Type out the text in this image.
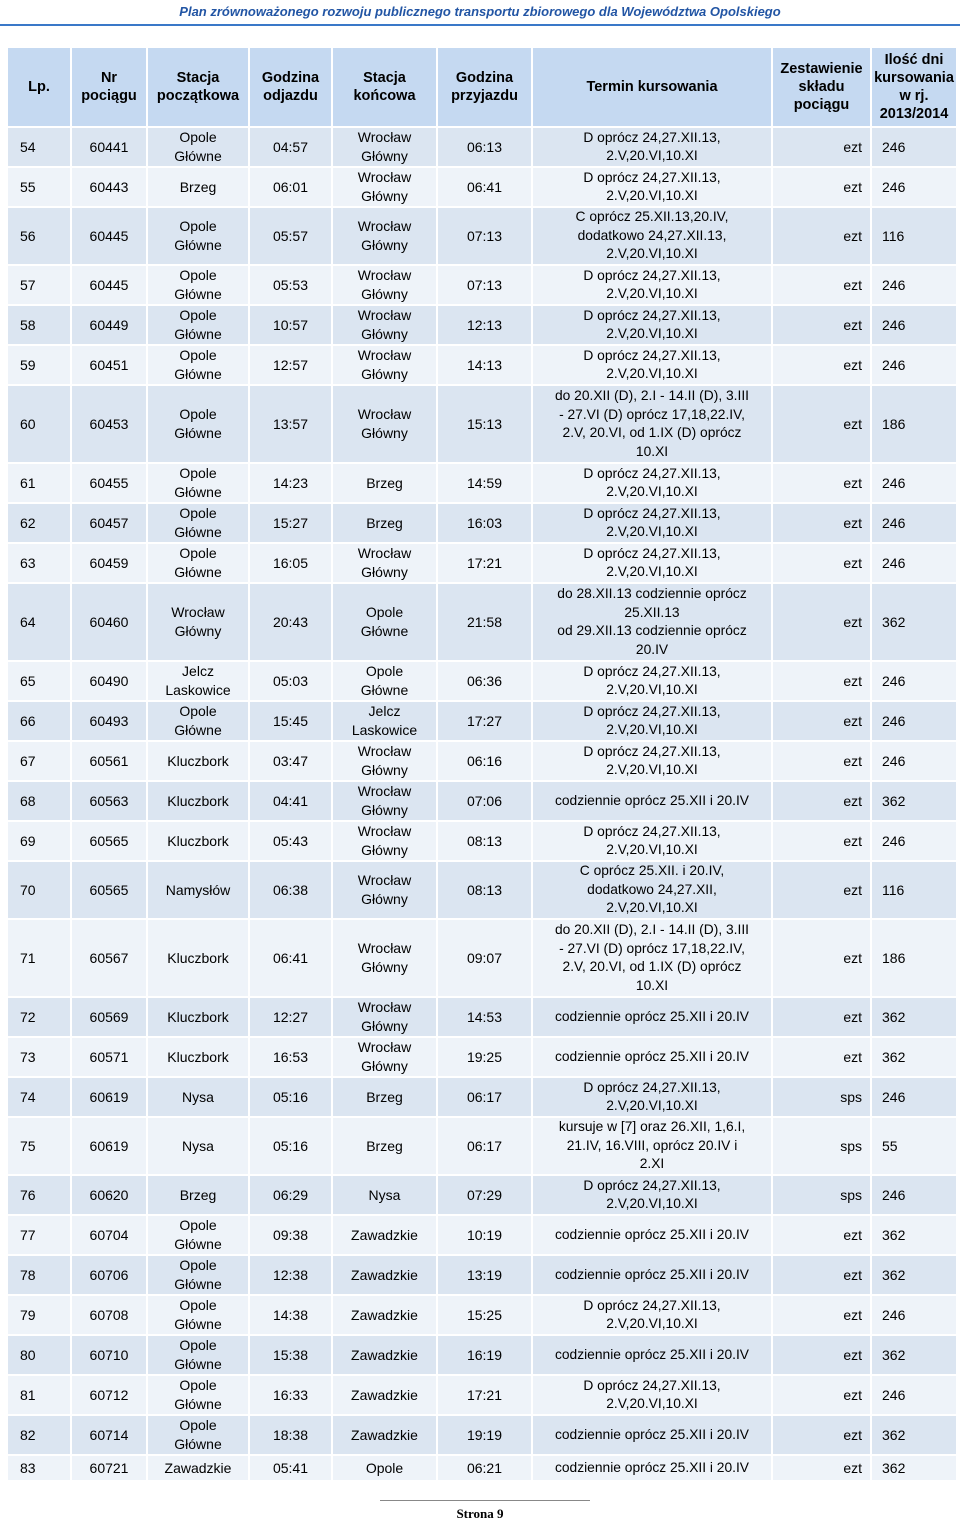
Plan zrównoważonego rozwoju publicznego transportu zbiorowego dla Województwa Opolskiego
Lp.	Nr
pociągu	Stacja
początkowa	Godzina
odjazdu	Stacja
końcowa	Godzina
przyjazdu	Termin kursowania	Zestawienie
składu
pociągu	Ilość dni
kursowania
w rj.
2013/2014
54	60441	Opole
Główne	04:57	Wrocław
Główny	06:13	D oprócz 24,27.XII.13,
2.V,20.VI,10.XI	ezt	246
55	60443	Brzeg	06:01	Wrocław
Główny	06:41	D oprócz 24,27.XII.13,
2.V,20.VI,10.XI	ezt	246
56	60445	Opole
Główne	05:57	Wrocław
Główny	07:13	C oprócz 25.XII.13,20.IV,
dodatkowo 24,27.XII.13,
2.V,20.VI,10.XI	ezt	116
57	60445	Opole
Główne	05:53	Wrocław
Główny	07:13	D oprócz 24,27.XII.13,
2.V,20.VI,10.XI	ezt	246
58	60449	Opole
Główne	10:57	Wrocław
Główny	12:13	D oprócz 24,27.XII.13,
2.V,20.VI,10.XI	ezt	246
59	60451	Opole
Główne	12:57	Wrocław
Główny	14:13	D oprócz 24,27.XII.13,
2.V,20.VI,10.XI	ezt	246
60	60453	Opole
Główne	13:57	Wrocław
Główny	15:13	do 20.XII (D), 2.I - 14.II (D), 3.III
- 27.VI (D) oprócz 17,18,22.IV,
2.V, 20.VI, od 1.IX (D) oprócz
10.XI	ezt	186
61	60455	Opole
Główne	14:23	Brzeg	14:59	D oprócz 24,27.XII.13,
2.V,20.VI,10.XI	ezt	246
62	60457	Opole
Główne	15:27	Brzeg	16:03	D oprócz 24,27.XII.13,
2.V,20.VI,10.XI	ezt	246
63	60459	Opole
Główne	16:05	Wrocław
Główny	17:21	D oprócz 24,27.XII.13,
2.V,20.VI,10.XI	ezt	246
64	60460	Wrocław
Główny	20:43	Opole
Główne	21:58	do 28.XII.13 codziennie oprócz
25.XII.13
od 29.XII.13 codziennie oprócz
20.IV	ezt	362
65	60490	Jelcz
Laskowice	05:03	Opole
Główne	06:36	D oprócz 24,27.XII.13,
2.V,20.VI,10.XI	ezt	246
66	60493	Opole
Główne	15:45	Jelcz
Laskowice	17:27	D oprócz 24,27.XII.13,
2.V,20.VI,10.XI	ezt	246
67	60561	Kluczbork	03:47	Wrocław
Główny	06:16	D oprócz 24,27.XII.13,
2.V,20.VI,10.XI	ezt	246
68	60563	Kluczbork	04:41	Wrocław
Główny	07:06	codziennie oprócz 25.XII i 20.IV	ezt	362
69	60565	Kluczbork	05:43	Wrocław
Główny	08:13	D oprócz 24,27.XII.13,
2.V,20.VI,10.XI	ezt	246
70	60565	Namysłów	06:38	Wrocław
Główny	08:13	C oprócz 25.XII. i 20.IV,
dodatkowo 24,27.XII,
2.V,20.VI,10.XI	ezt	116
71	60567	Kluczbork	06:41	Wrocław
Główny	09:07	do 20.XII (D), 2.I - 14.II (D), 3.III
- 27.VI (D) oprócz 17,18,22.IV,
2.V, 20.VI, od 1.IX (D) oprócz
10.XI	ezt	186
72	60569	Kluczbork	12:27	Wrocław
Główny	14:53	codziennie oprócz 25.XII i 20.IV	ezt	362
73	60571	Kluczbork	16:53	Wrocław
Główny	19:25	codziennie oprócz 25.XII i 20.IV	ezt	362
74	60619	Nysa	05:16	Brzeg	06:17	D oprócz 24,27.XII.13,
2.V,20.VI,10.XI	sps	246
75	60619	Nysa	05:16	Brzeg	06:17	kursuje w [7] oraz 26.XII, 1,6.I,
21.IV, 16.VIII, oprócz 20.IV i
2.XI	sps	55
76	60620	Brzeg	06:29	Nysa	07:29	D oprócz 24,27.XII.13,
2.V,20.VI,10.XI	sps	246
77	60704	Opole
Główne	09:38	Zawadzkie	10:19	codziennie oprócz 25.XII i 20.IV	ezt	362
78	60706	Opole
Główne	12:38	Zawadzkie	13:19	codziennie oprócz 25.XII i 20.IV	ezt	362
79	60708	Opole
Główne	14:38	Zawadzkie	15:25	D oprócz 24,27.XII.13,
2.V,20.VI,10.XI	ezt	246
80	60710	Opole
Główne	15:38	Zawadzkie	16:19	codziennie oprócz 25.XII i 20.IV	ezt	362
81	60712	Opole
Główne	16:33	Zawadzkie	17:21	D oprócz 24,27.XII.13,
2.V,20.VI,10.XI	ezt	246
82	60714	Opole
Główne	18:38	Zawadzkie	19:19	codziennie oprócz 25.XII i 20.IV	ezt	362
83	60721	Zawadzkie	05:41	Opole	06:21	codziennie oprócz 25.XII i 20.IV	ezt	362
Strona 9
